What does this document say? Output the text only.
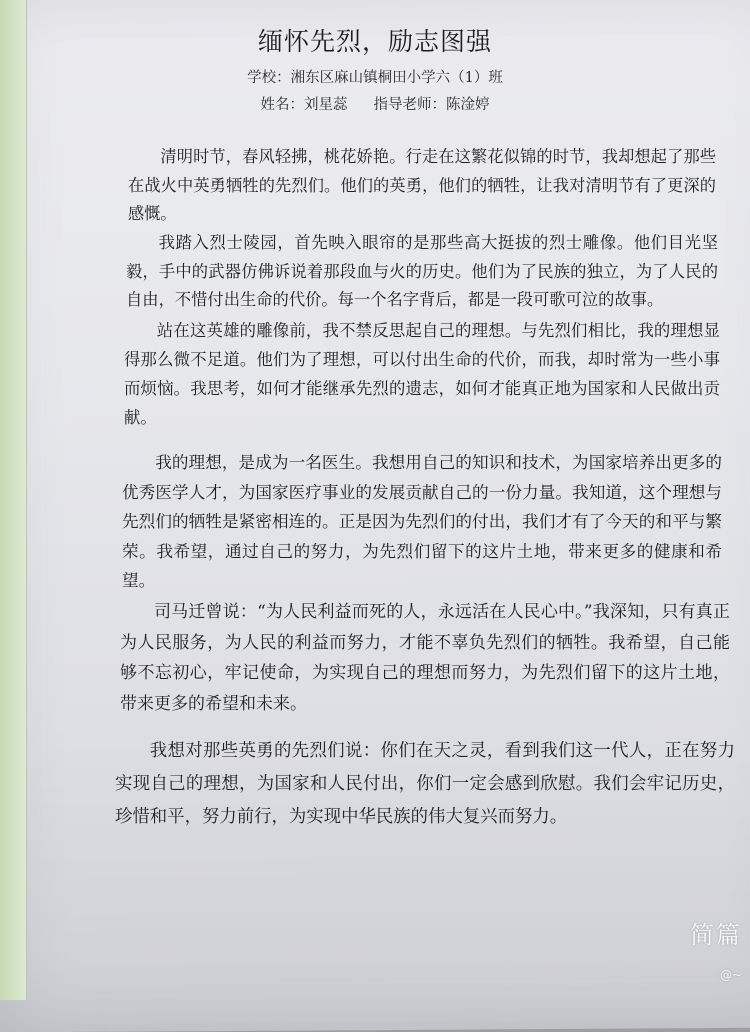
缅怀先烈，励志图强
学校：湘东区麻山镇桐田小学六（1）班
姓名：刘星蕊 指导老师：陈淦婷
清明时节，春风轻拂，桃花娇艳。行走在这繁花似锦的时节，我却想起了那些在战火中英勇牺牲的先烈们。他们的英勇，他们的牺牲，让我对清明节有了更深的感慨。
我踏入烈士陵园，首先映入眼帘的是那些高大挺拔的烈士雕像。他们目光坚毅，手中的武器仿佛诉说着那段血与火的历史。他们为了民族的独立，为了人民的自由，不惜付出生命的代价。每一个名字背后，都是一段可歌可泣的故事。
站在这英雄的雕像前，我不禁反思起自己的理想。与先烈们相比，我的理想显得那么微不足道。他们为了理想，可以付出生命的代价，而我，却时常为一些小事而烦恼。我思考，如何才能继承先烈的遗志，如何才能真正地为国家和人民做出贡献。
我的理想，是成为一名医生。我想用自己的知识和技术，为国家培养出更多的优秀医学人才，为国家医疗事业的发展贡献自己的一份力量。我知道，这个理想与先烈们的牺牲是紧密相连的。正是因为先烈们的付出，我们才有了今天的和平与繁荣。我希望，通过自己的努力，为先烈们留下的这片土地，带来更多的健康和希望。
司马迁曾说：“为人民利益而死的人，永远活在人民心中。”我深知，只有真正为人民服务，为人民的利益而努力，才能不辜负先烈们的牺牲。我希望，自己能够不忘初心，牢记使命，为实现自己的理想而努力，为先烈们留下的这片土地，带来更多的希望和未来。
我想对那些英勇的先烈们说：你们在天之灵，看到我们这一代人，正在努力实现自己的理想，为国家和人民付出，你们一定会感到欣慰。我们会牢记历史，珍惜和平，努力前行，为实现中华民族的伟大复兴而努力。
简篇
@~
